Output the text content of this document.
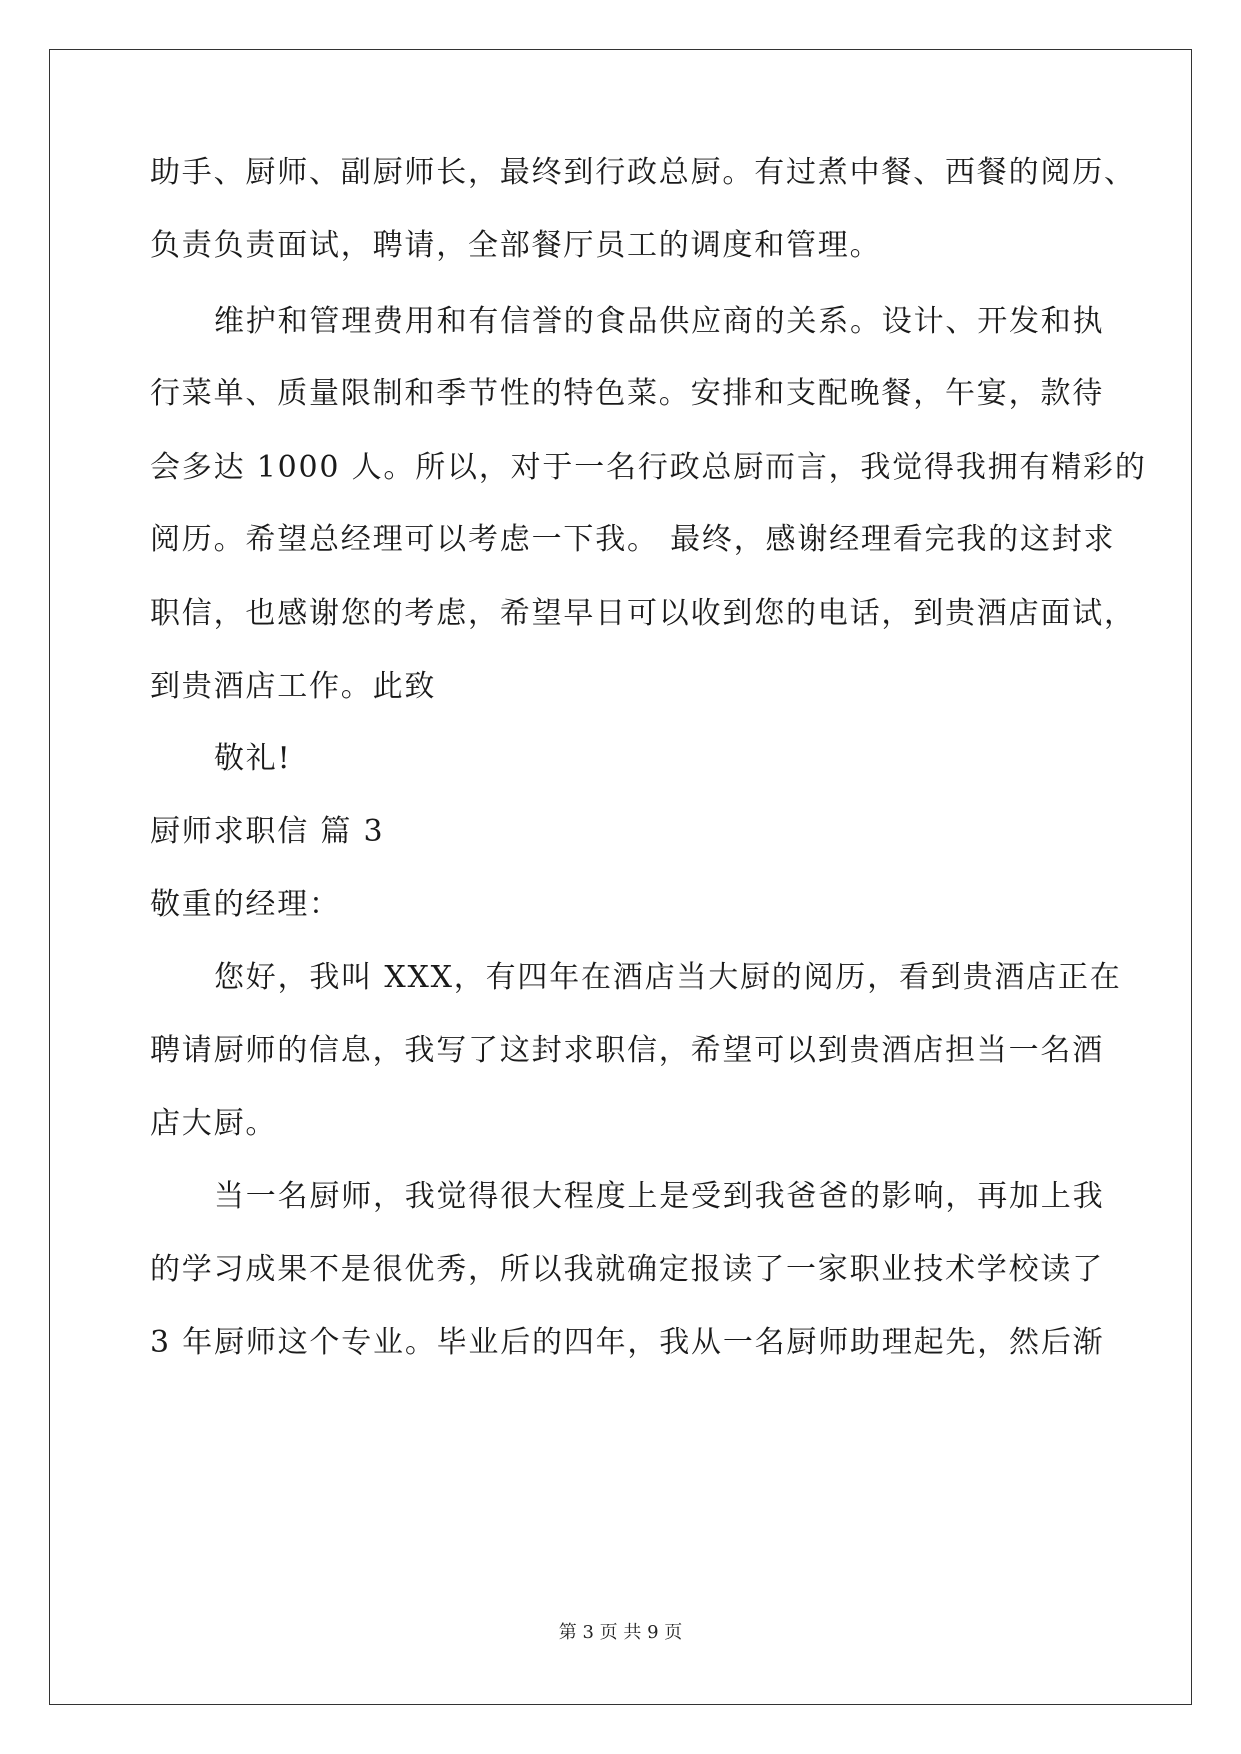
助手、厨师、副厨师长，最终到行政总厨。有过煮中餐、西餐的阅历、
负责负责面试，聘请，全部餐厅员工的调度和管理。
维护和管理费用和有信誉的食品供应商的关系。设计、开发和执
行菜单、质量限制和季节性的特色菜。安排和支配晚餐，午宴，款待
会多达 1000 人。所以，对于一名行政总厨而言，我觉得我拥有精彩的
阅历。希望总经理可以考虑一下我。 最终，感谢经理看完我的这封求
职信，也感谢您的考虑，希望早日可以收到您的电话，到贵酒店面试，
到贵酒店工作。此致
敬礼!
厨师求职信 篇 3
敬重的经理：
您好，我叫 XXX，有四年在酒店当大厨的阅历，看到贵酒店正在
聘请厨师的信息，我写了这封求职信，希望可以到贵酒店担当一名酒
店大厨。
当一名厨师，我觉得很大程度上是受到我爸爸的影响，再加上我
的学习成果不是很优秀，所以我就确定报读了一家职业技术学校读了
3 年厨师这个专业。毕业后的四年，我从一名厨师助理起先，然后渐
第 3 页 共 9 页
